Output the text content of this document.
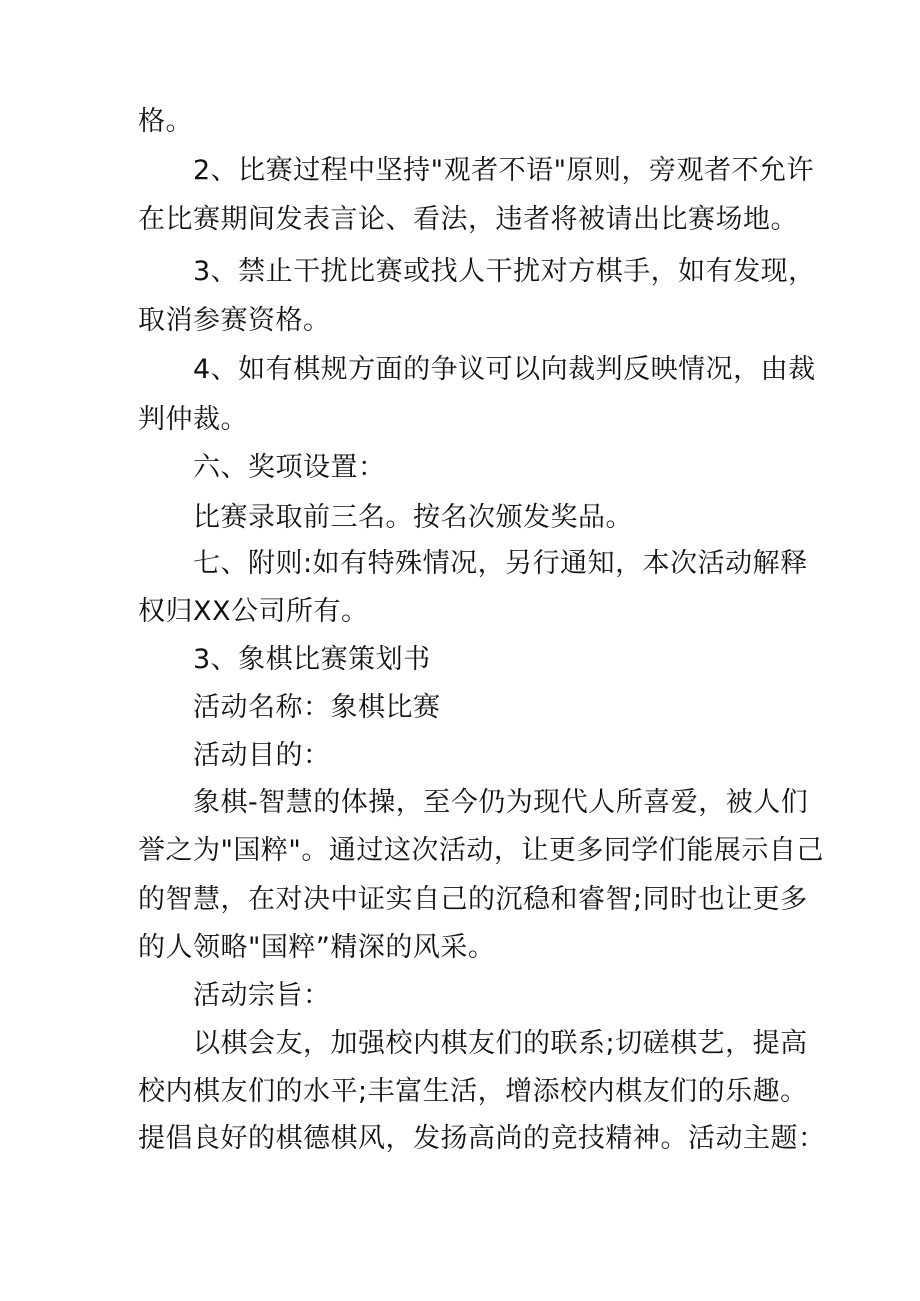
格。
2、比赛过程中坚持"观者不语"原则，旁观者不允许
在比赛期间发表言论、看法，违者将被请出比赛场地。
3、禁止干扰比赛或找人干扰对方棋手，如有发现，
取消参赛资格。
4、如有棋规方面的争议可以向裁判反映情况，由裁
判仲裁。
六、奖项设置：
比赛录取前三名。按名次颁发奖品。
七、附则:如有特殊情况，另行通知，本次活动解释
权归XX公司所有。
3、象棋比赛策划书
活动名称：象棋比赛
活动目的：
象棋-智慧的体操，至今仍为现代人所喜爱，被人们
誉之为"国粹"。通过这次活动，让更多同学们能展示自己
的智慧，在对决中证实自己的沉稳和睿智;同时也让更多
的人领略"国粹”精深的风采。
活动宗旨：
以棋会友，加强校内棋友们的联系;切磋棋艺，提高
校内棋友们的水平;丰富生活，增添校内棋友们的乐趣。
提倡良好的棋德棋风，发扬高尚的竞技精神。活动主题：
